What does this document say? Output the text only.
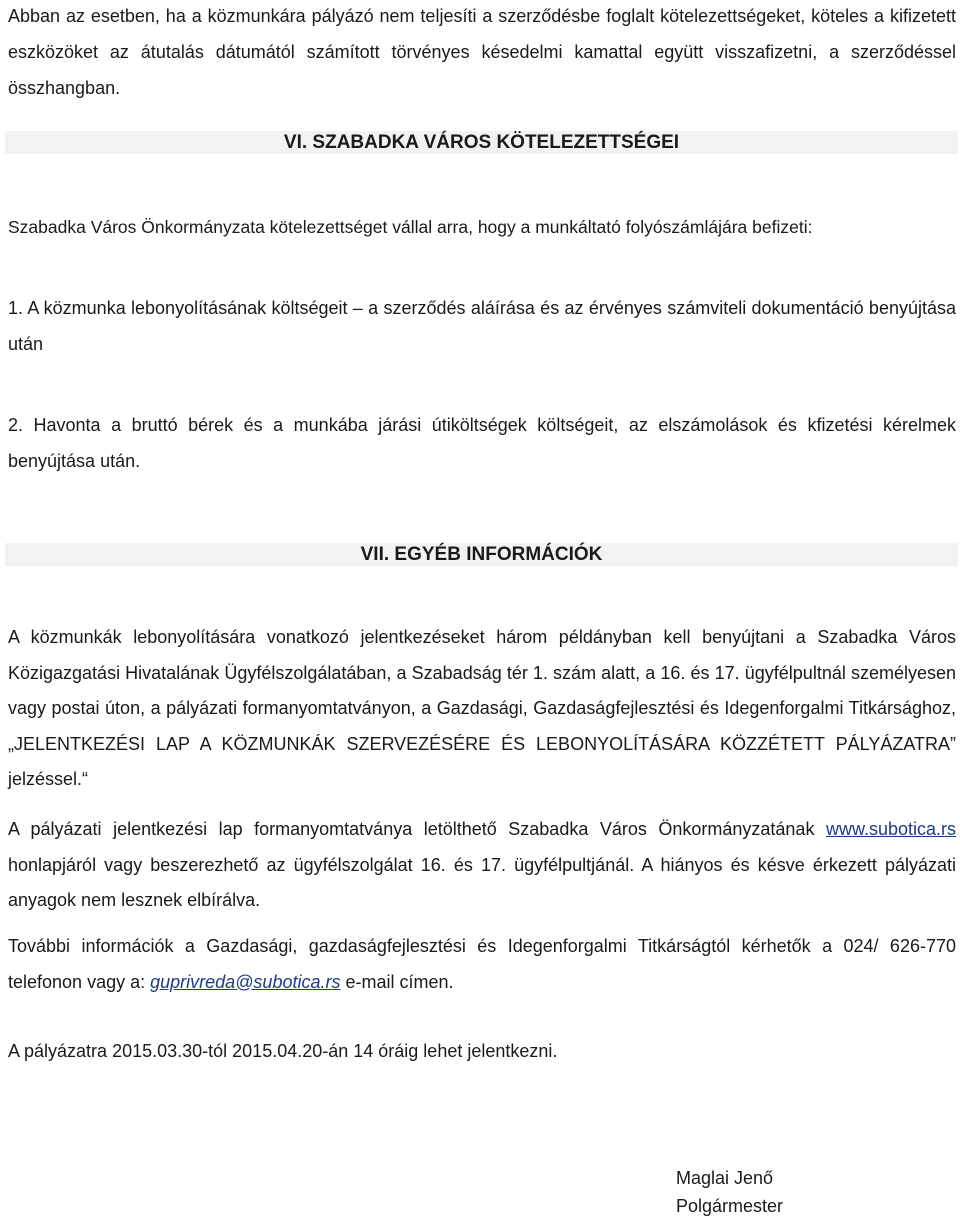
Abban az esetben, ha a közmunkára pályázó nem teljesíti a szerződésbe foglalt kötelezettségeket, köteles a kifizetett eszközöket az átutalás dátumától számított törvényes késedelmi kamattal együtt visszafizetni, a szerződéssel összhangban.

VI. SZABADKA VÁROS KÖTELEZETTSÉGEI

Szabadka Város Önkormányzata kötelezettséget vállal arra, hogy a munkáltató folyószámlájára befizeti:

1. A közmunka lebonyolításának költségeit – a szerződés aláírása és az érvényes számviteli dokumentáció benyújtása után

2. Havonta a bruttó bérek és a munkába járási útiköltségek költségeit, az elszámolások és kfizetési kérelmek benyújtása után.

VII. EGYÉB INFORMÁCIÓK

A közmunkák lebonyolítására vonatkozó jelentkezéseket három példányban kell benyújtani a Szabadka Város Közigazgatási Hivatalának Ügyfélszolgálatában, a Szabadság tér 1. szám alatt, a 16. és 17. ügyfélpultnál személyesen vagy postai úton, a pályázati formanyomtatványon, a Gazdasági, Gazdaságfejlesztési és Idegenforgalmi Titkársághoz, „JELENTKEZÉSI LAP A KÖZMUNKÁK SZERVEZÉSÉRE ÉS LEBONYOLÍTÁSÁRA KÖZZÉTETT PÁLYÁZATRA” jelzéssel.“

A pályázati jelentkezési lap formanyomtatványa letölthető Szabadka Város Önkormányzatának www.subotica.rs honlapjáról vagy beszerezhető az ügyfélszolgálat 16. és 17. ügyfélpultjánál. A hiányos és késve érkezett pályázati anyagok nem lesznek elbírálva.

További információk a Gazdasági, gazdaságfejlesztési és Idegenforgalmi Titkárságtól kérhetők a 024/ 626-770 telefonon vagy a: guprivreda@subotica.rs e-mail címen.

A pályázatra 2015.03.30-tól 2015.04.20-án 14 óráig lehet jelentkezni.

Maglai Jenő
Polgármester
